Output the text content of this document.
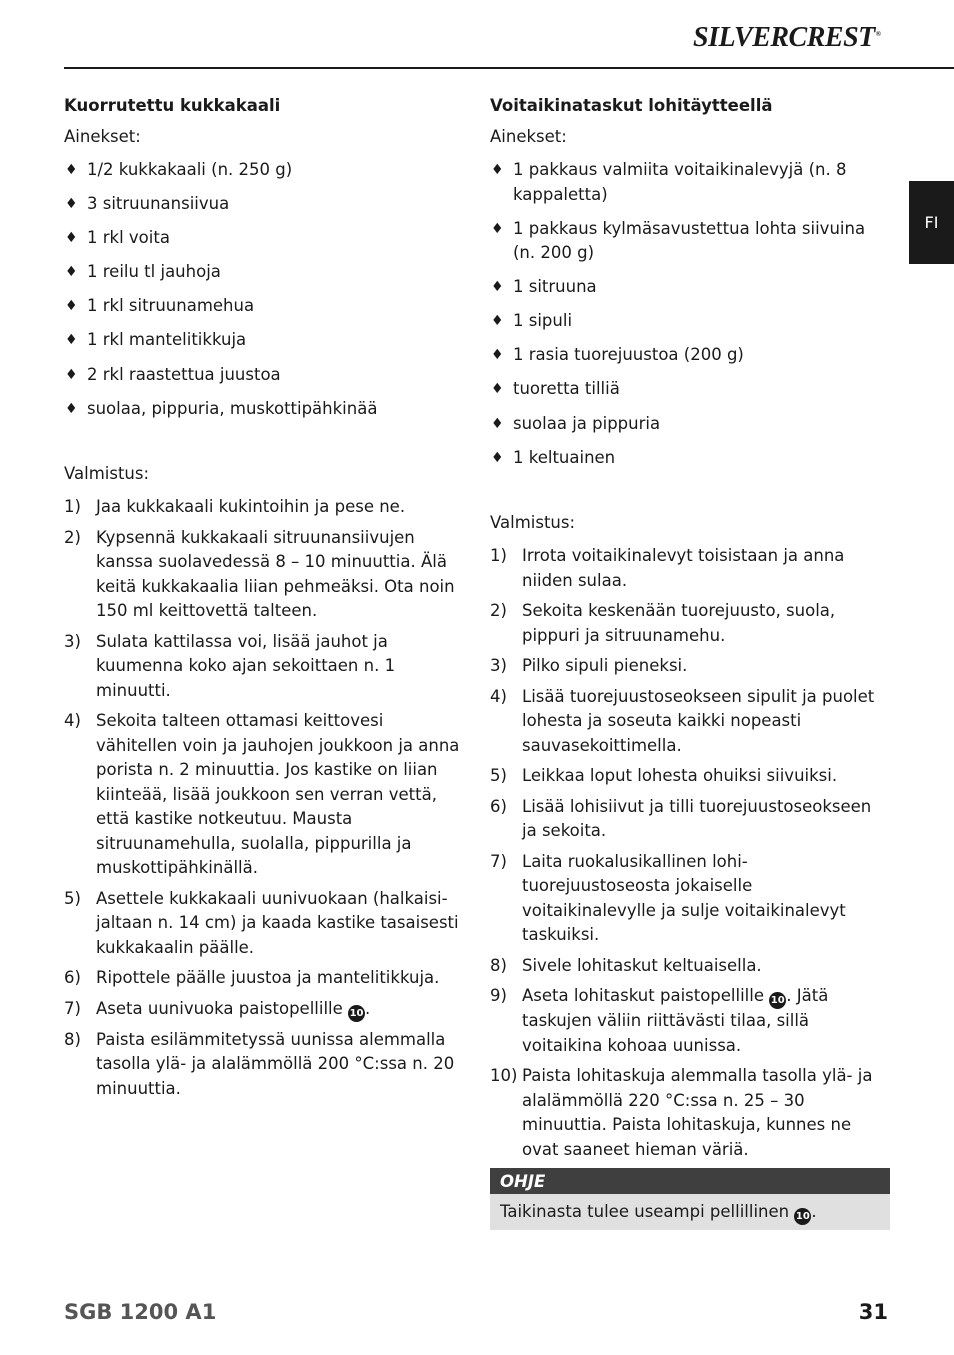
SILVERCREST®
FI
Kuorrutettu kukkakaali
Ainekset:
♦ 1/2 kukkakaali (n. 250 g)
♦ 3 sitruunansiivua
♦ 1 rkl voita
♦ 1 reilu tl jauhoja
♦ 1 rkl sitruunamehua
♦ 1 rkl mantelitikkuja
♦ 2 rkl raastettua juustoa
♦ suolaa, pippuria, muskottipähkinää
Valmistus:
1) Jaa kukkakaali kukintoihin ja pese ne.
2) Kypsennä kukkakaali sitruunansiivujen kanssa suolavedessä 8 – 10 minuuttia. Älä keitä kukkakaalia liian pehmeäksi. Ota noin 150 ml keittovettä talteen.
3) Sulata kattilassa voi, lisää jauhot ja kuumenna koko ajan sekoittaen n. 1 minuutti.
4) Sekoita talteen ottamasi keittovesi vähitellen voin ja jauhojen joukkoon ja anna porista n. 2 minuuttia. Jos kastike on liian kiinteää, lisää joukkoon sen verran vettä, että kastike notkeutuu. Mausta sitruunamehulla, suolalla, pippurilla ja muskottipähkinällä.
5) Asettele kukkakaali uunivuokaan (halkaisijaltaan n. 14 cm) ja kaada kastike tasaisesti kukkakaalin päälle.
6) Ripottele päälle juustoa ja mantelitikkuja.
7) Aseta uunivuoka paistopellille 10.
8) Paista esilämmitetyssä uunissa alemmalla tasolla ylä- ja alalämmöllä 200 °C:ssa n. 20 minuuttia.
Voitaikinataskut lohitäytteellä
Ainekset:
♦ 1 pakkaus valmiita voitaikinalevyjä (n. 8 kappaletta)
♦ 1 pakkaus kylmäsavustettua lohta siivuina (n. 200 g)
♦ 1 sitruuna
♦ 1 sipuli
♦ 1 rasia tuorejuustoa (200 g)
♦ tuoretta tilliä
♦ suolaa ja pippuria
♦ 1 keltuainen
Valmistus:
1) Irrota voitaikinalevyt toisistaan ja anna niiden sulaa.
2) Sekoita keskenään tuorejuusto, suola, pippuri ja sitruunamehu.
3) Pilko sipuli pieneksi.
4) Lisää tuorejuustoseokseen sipulit ja puolet lohesta ja soseuta kaikki nopeasti sauvasekoittimella.
5) Leikkaa loput lohesta ohuiksi siivuiksi.
6) Lisää lohisiivut ja tilli tuorejuustoseokseen ja sekoita.
7) Laita ruokalusikallinen lohi-tuorejuustoseosta jokaiselle voitaikinalevylle ja sulje voitaikinalevyt taskuiksi.
8) Sivele lohitaskut keltuaisella.
9) Aseta lohitaskut paistopellille 10. Jätä taskujen väliin riittävästi tilaa, sillä voitaikina kohoaa uunissa.
10) Paista lohitaskuja alemmalla tasolla ylä- ja alalämmöllä 220 °C:ssa n. 25 – 30 minuuttia. Paista lohitaskuja, kunnes ne ovat saaneet hieman väriä.
OHJE
Taikinasta tulee useampi pellillinen 10.
SGB 1200 A1	31
